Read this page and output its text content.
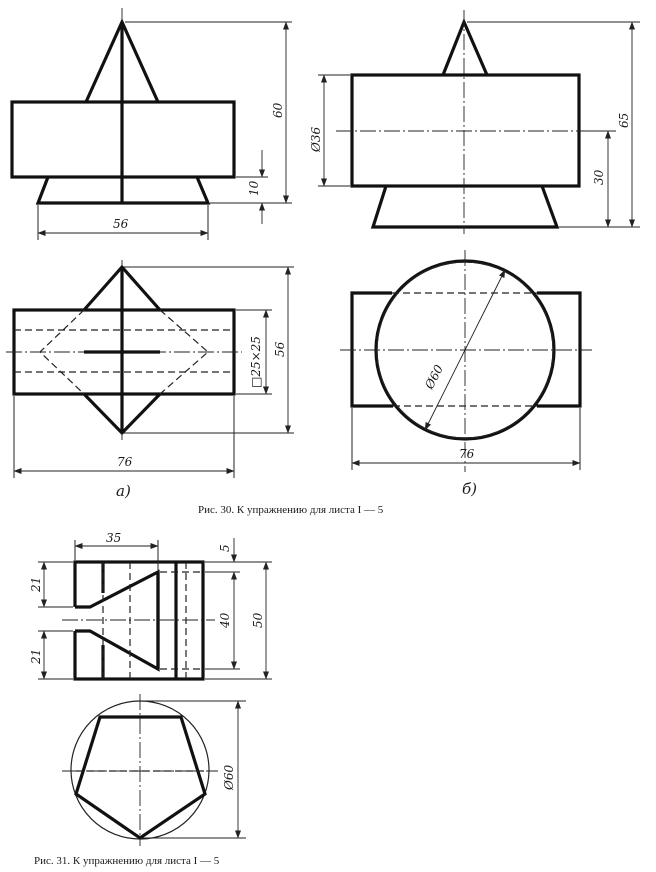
60
10
56
□25×25 56
76
а)
Ø36
30
65
Ø60
76
б)
Рис. 30. К упражнению для листа I — 5
35
5
40 50
21
21
Ø60
Рис. 31. К упражнению для листа I — 5
